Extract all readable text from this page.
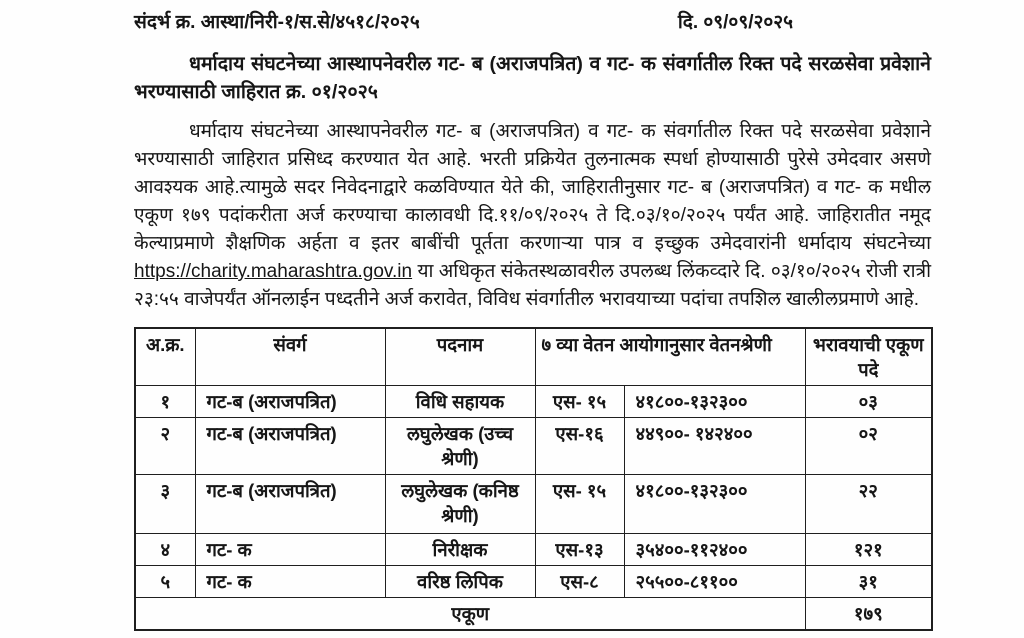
संदर्भ क्र. आस्था/निरी-१/स.से/४५१८/२०२५	दि. ०९/०९/२०२५
धर्मादाय संघटनेच्या आस्थापनेवरील गट- ब (अराजपत्रित) व गट- क संवर्गातील रिक्त पदे सरळसेवा प्रवेशाने भरण्यासाठी जाहिरात क्र. ०१/२०२५
धर्मादाय संघटनेच्या आस्थापनेवरील गट- ब (अराजपत्रित) व गट- क संवर्गातील रिक्त पदे सरळसेवा प्रवेशाने भरण्यासाठी जाहिरात प्रसिध्द करण्यात येत आहे. भरती प्रक्रियेत तुलनात्मक स्पर्धा होण्यासाठी पुरेसे उमेदवार असणे आवश्यक आहे.त्यामुळे सदर निवेदनाद्वारे कळविण्यात येते की, जाहिरातीनुसार गट- ब (अराजपत्रित) व गट- क मधील एकूण १७९ पदांकरीता अर्ज करण्याचा कालावधी दि.११/०९/२०२५ ते दि.०३/१०/२०२५ पर्यंत आहे. जाहिरातीत नमूद केल्याप्रमाणे शैक्षणिक अर्हता व इतर बाबींची पूर्तता करणाऱ्या पात्र व इच्छुक उमेदवारांनी धर्मादाय संघटनेच्या https://charity.maharashtra.gov.in या अधिकृत संकेतस्थळावरील उपलब्ध लिंकव्दारे दि. ०३/१०/२०२५ रोजी रात्री २३:५५ वाजेपर्यंत ऑनलाईन पध्दतीने अर्ज करावेत, विविध संवर्गातील भरावयाच्या पदांचा तपशिल खालीलप्रमाणे आहे.
अ.क्र.	संवर्ग	पदनाम	७ व्या वेतन आयोगानुसार वेतनश्रेणी		भरावयाची एकूण पदे
१	गट-ब (अराजपत्रित)	विधि सहायक	एस- १५	४१८००-१३२३००	०३
२	गट-ब (अराजपत्रित)	लघुलेखक (उच्च श्रेणी)	एस-१६	४४९००- १४२४००	०२
३	गट-ब (अराजपत्रित)	लघुलेखक (कनिष्ठ श्रेणी)	एस- १५	४१८००-१३२३००	२२
४	गट- क	निरीक्षक	एस-१३	३५४००-११२४००	१२१
५	गट- क	वरिष्ठ लिपिक	एस-८	२५५००-८११००	३१
एकूण					१७९
